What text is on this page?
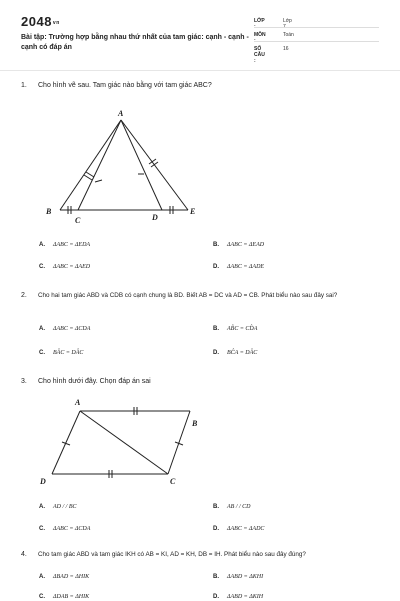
2048vn
Bài tập: Trường hợp bằng nhau thứ nhất của tam giác: cạnh - cạnh - cạnh có đáp án
LỚP :
Lớp 7
MÔN :
Toán
SỐ CÂU :
16
1.	Cho hình vẽ sau. Tam giác nào bằng với tam giác ABC?
A
B
C	D
E
A. ΔABC = ΔEDA	B. ΔABC = ΔEAD
C. ΔABC = ΔAED	D. ΔABC = ΔADE
2.	Cho hai tam giác ABD và CDB có cạnh chung là BD. Biết AB = DC và AD = CB. Phát biểu nào sau đây sai?
A. ΔABC = ΔCDA	B. AB̂C = CD̂A
C. BÂC = DÂC	D. BĈA = DÂC
3.	Cho hình dưới đây. Chọn đáp án sai
A
B
C
D
A. AD / / BC	B. AB / / CD
C. ΔABC = ΔCDA	D. ΔABC = ΔADC
4.	Cho tam giác ABD và tam giác IKH có AB = KI, AD = KH, DB = IH. Phát biểu nào sau đây đúng?
A. ΔBAD = ΔHIK	B. ΔABD = ΔKHI
C. ΔDAB = ΔHIK	D. ΔABD = ΔKIH
